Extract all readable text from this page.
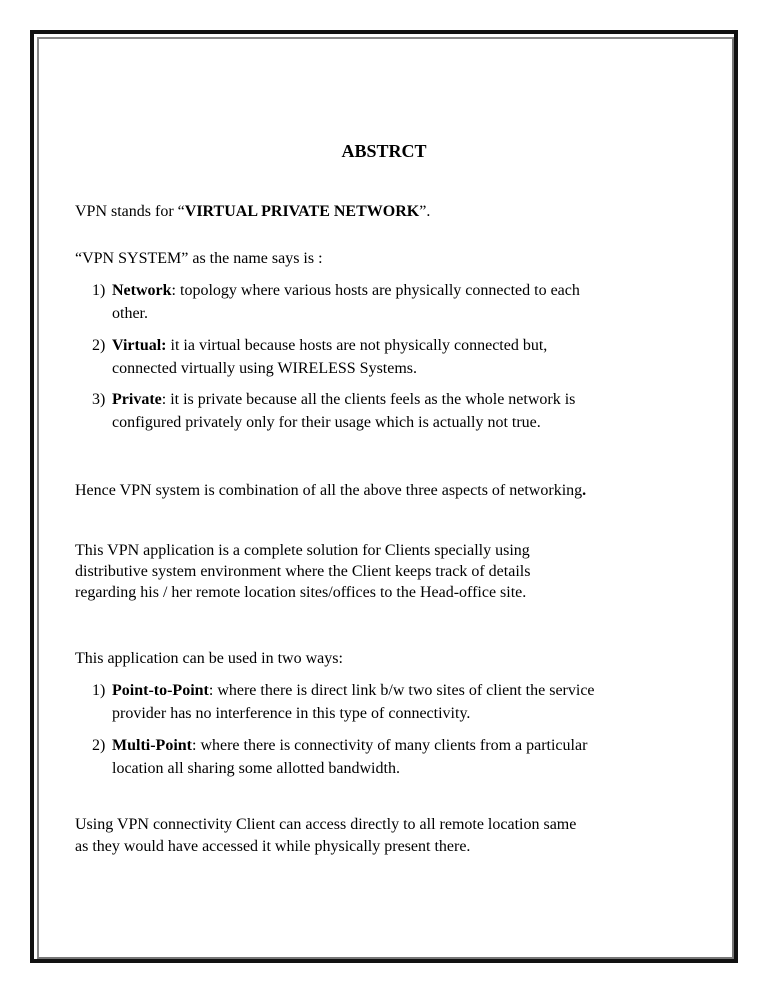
ABSTRCT
VPN stands for “VIRTUAL PRIVATE NETWORK”.
“VPN SYSTEM” as the name says is :
1) Network: topology where various hosts are physically connected to each
other.
2) Virtual: it ia virtual because hosts are not physically connected but,
connected virtually using WIRELESS Systems.
3) Private: it is private because all the clients feels as the whole network is
configured privately only for their usage which is actually not true.
Hence VPN system is combination of all the above three aspects of networking.
This VPN application is a complete solution for Clients specially using
distributive system environment where the Client keeps track of details
regarding his / her remote location sites/offices to the Head-office site.
This application can be used in two ways:
1) Point-to-Point: where there is direct link b/w two sites of client the service
provider has no interference in this type of connectivity.
2) Multi-Point: where there is connectivity of many clients from a particular
location all sharing some allotted bandwidth.
Using VPN connectivity Client can access directly to all remote location same
as they would have accessed it while physically present there.
